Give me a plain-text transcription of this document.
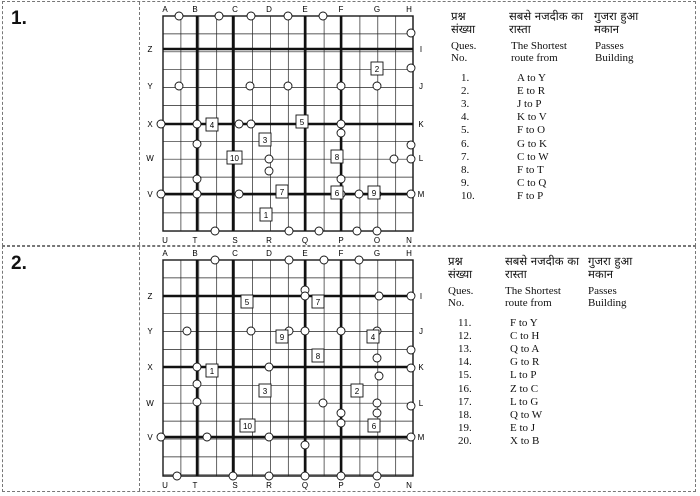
1.	A	B	C	D	E	F	G	H
U	T	S	R	Q	P	O	N
Z
Y
X
W
V
I
J
K
L
M
1
2
3
4	5
6
7
8
9
10
प्रश्न संख्या
सबसे नजदीक का रास्ता
गुजरा हुआ मकान
Ques.
No.
The Shortest
route from
Passes
Building
1.	A to Y
2.	E to R
3.	J to P
4.	K to V
5.	F to O
6.	G to K
7.	C to W
8.	F to T
9.	C to Q
10.	F to P
2.	A	B	C	D	E	F	G	H
U	T	S	R	Q	P	O	N
Z
Y
X
W
V
I
J
K
L
M
1
2
3
4
5
6
7
8
9
10
प्रश्न संख्या
सबसे नजदीक का रास्ता
गुजरा हुआ मकान
Ques.
No.
The Shortest
route from
Passes
Building
11.	F to Y
12.	C to H
13.	Q to A
14.	G to R
15.	L to P
16.	Z to C
17.	L to G
18.	Q to W
19.	E to J
20.	X to B
